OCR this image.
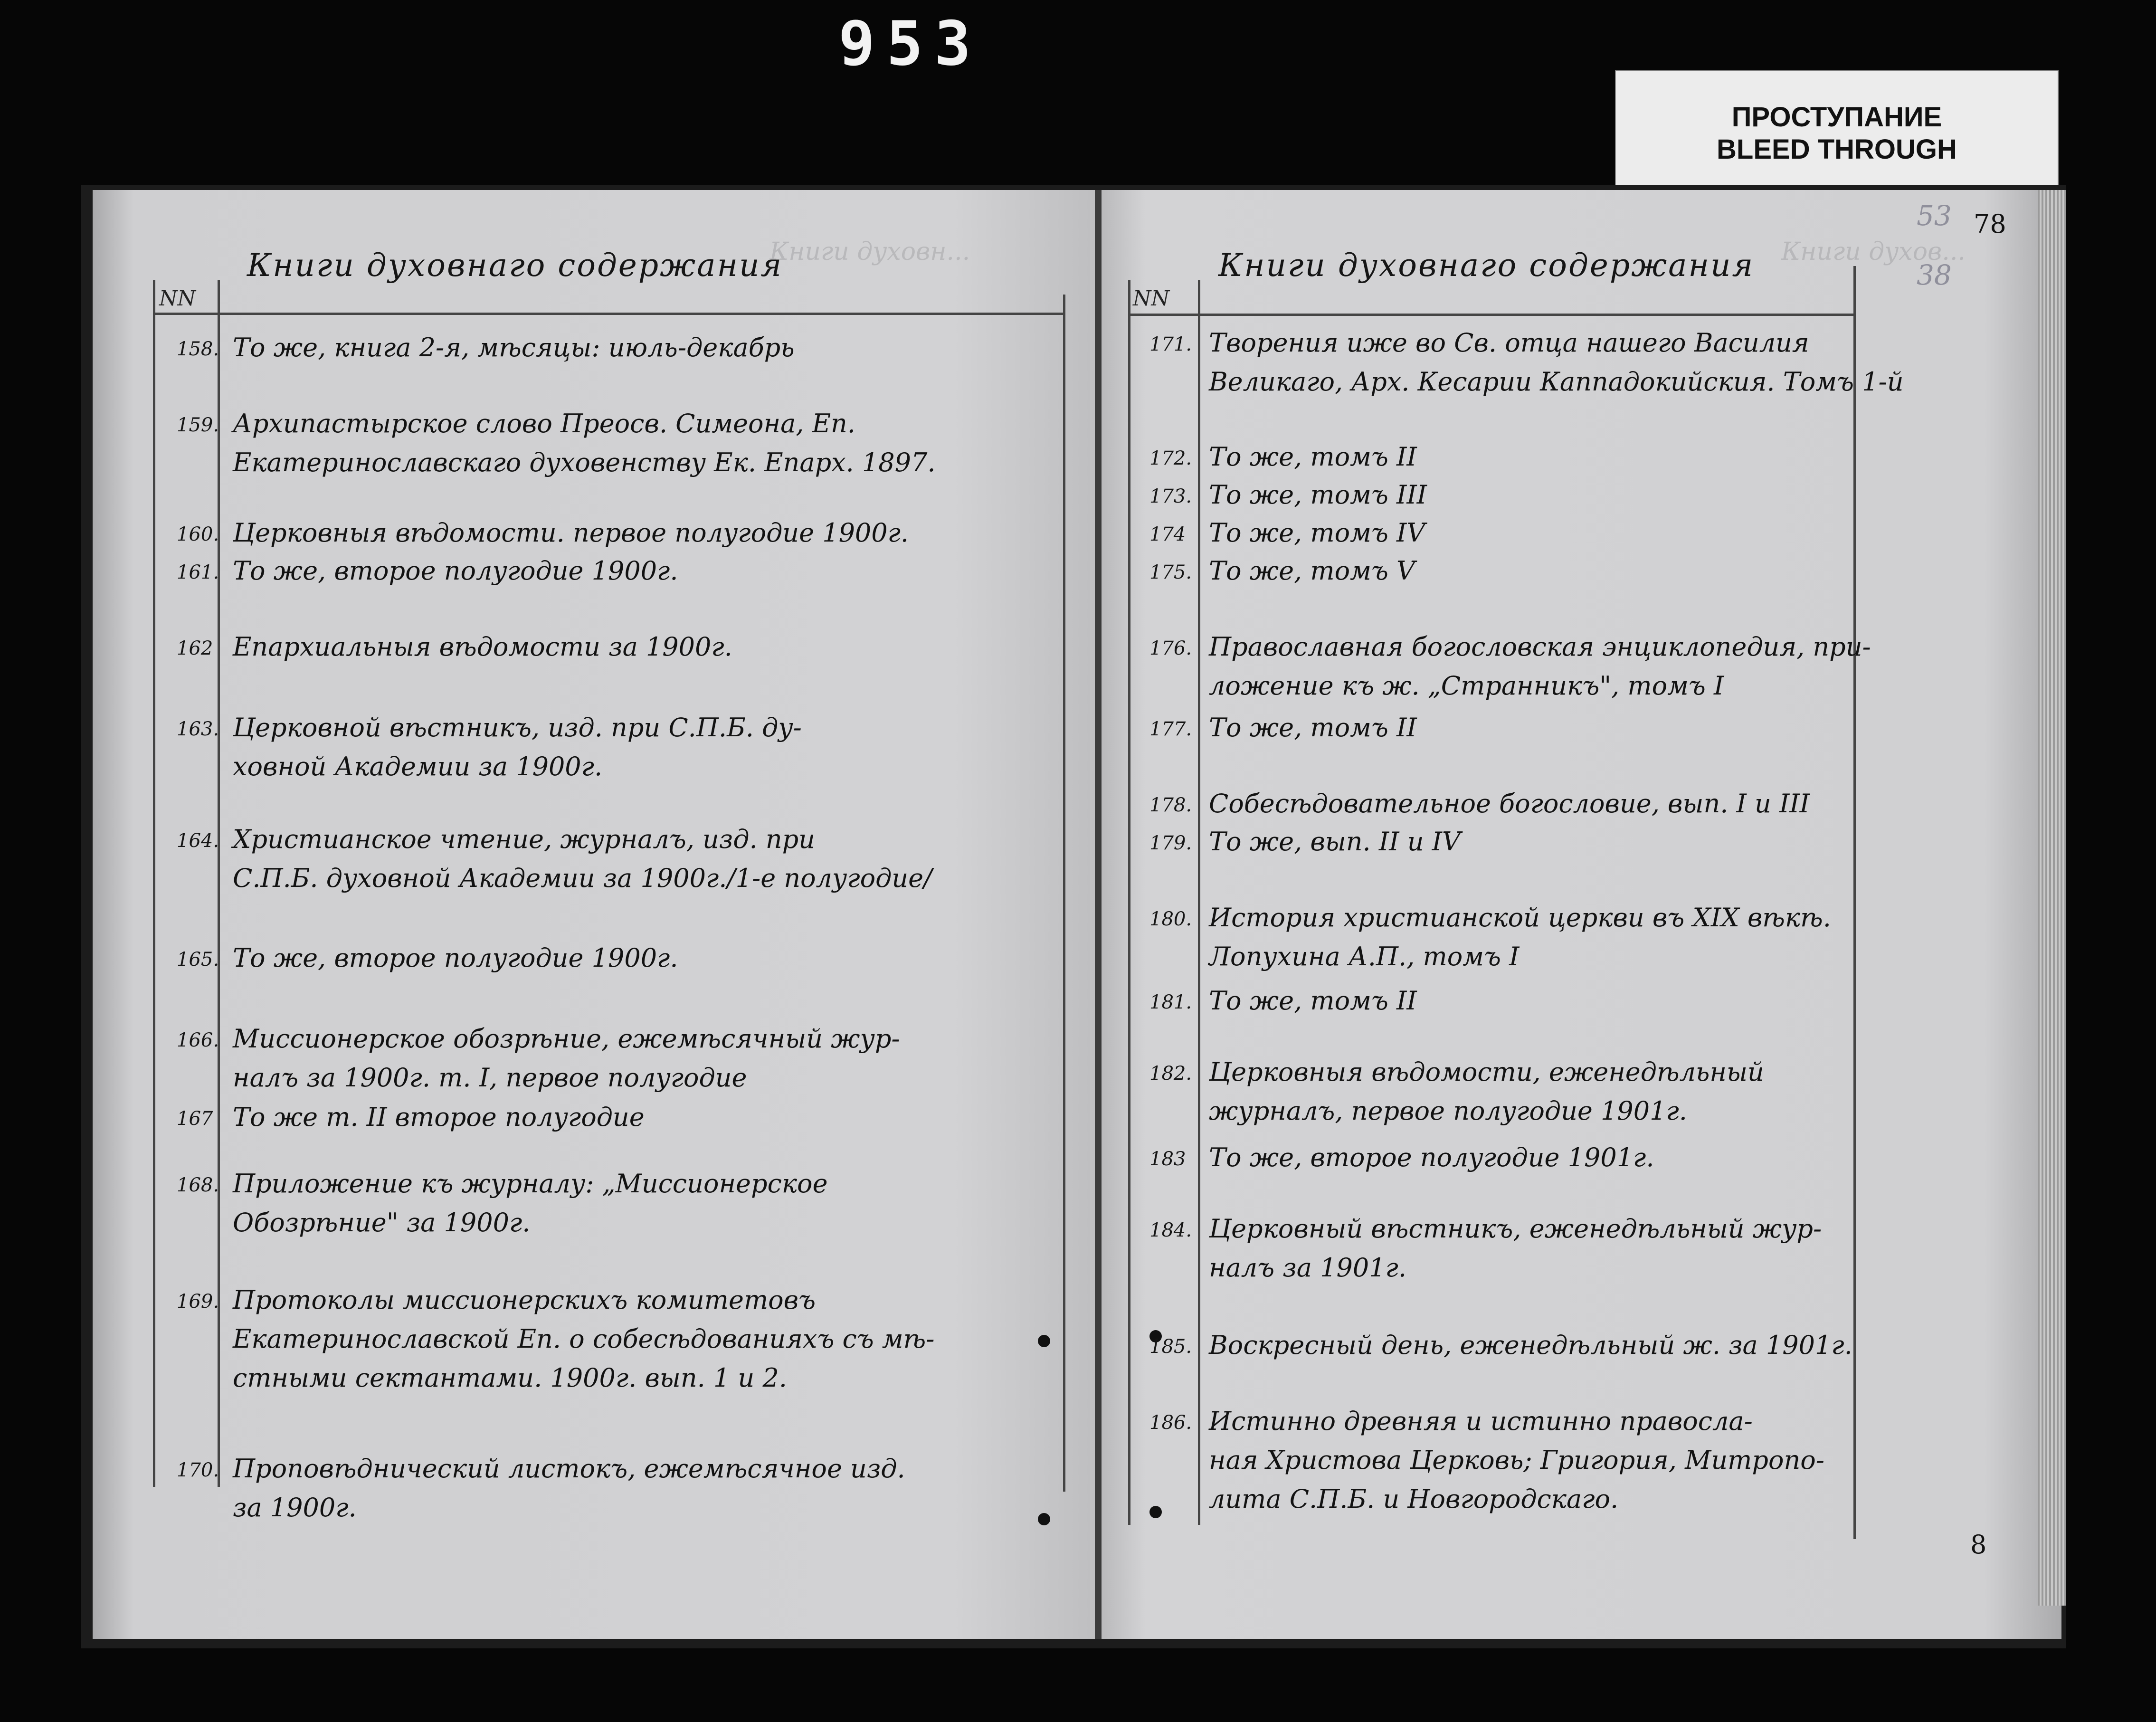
953
ПРОСТУПАНИЕ
BLEED THROUGH
Книги духовн...	Книги духов...
Книги духовнаго содержания
NN
Книги духовнаго содержания
NN
78
53
38
8
158. То же, книга 2-я, мѣсяцы: июль-декабрь
159. Архипастырское слово Преосв. Симеона, Еп.
Екатеринославскаго духовенству Ек. Епарх. 1897.
160. Церковныя вѣдомости. первое полугодие 1900г.
161. То же, второе полугодие 1900г.
162 Епархиальныя вѣдомости за 1900г.
163. Церковной вѣстникъ, изд. при С.П.Б. ду-
ховной Академии за 1900г.
164. Христианское чтение, журналъ, изд. при
С.П.Б. духовной Академии за 1900г./1-е полугодие/
165. То же, второе полугодие 1900г.
166. Миссионерское обозрѣние, ежемѣсячный жур-
налъ за 1900г. т. I, первое полугодие
167 То же т. II второе полугодие
168. Приложение къ журналу: „Миссионерское
Обозрѣние" за 1900г.
169. Протоколы миссионерскихъ комитетовъ
Екатеринославской Еп. о собесѣдованияхъ съ мѣ-
стными сектантами. 1900г. вып. 1 и 2.
170. Проповѣднический листокъ, ежемѣсячное изд.
за 1900г.
171. Творения иже во Св. отца нашего Василия
Великаго, Арх. Кесарии Каппадокийския. Томъ 1-й
172. То же, томъ II
173. То же, томъ III
174 То же, томъ IV
175. То же, томъ V
176. Православная богословская энциклопедия, при-
ложение къ ж. „Странникъ", томъ I
177. То же, томъ II
178. Собесѣдовательное богословие, вып. I и III
179. То же, вып. II и IV
180. История христианской церкви въ XIX вѣкѣ.
Лопухина А.П., томъ I
181. То же, томъ II
182. Церковныя вѣдомости, еженедѣльный
журналъ, первое полугодие 1901г.
183 То же, второе полугодие 1901г.
184. Церковный вѣстникъ, еженедѣльный жур-
налъ за 1901г.
185. Воскресный день, еженедѣльный ж. за 1901г.
186. Истинно древняя и истинно правосла-
ная Христова Церковь; Григория, Митропо-
лита С.П.Б. и Новгородскаго.
